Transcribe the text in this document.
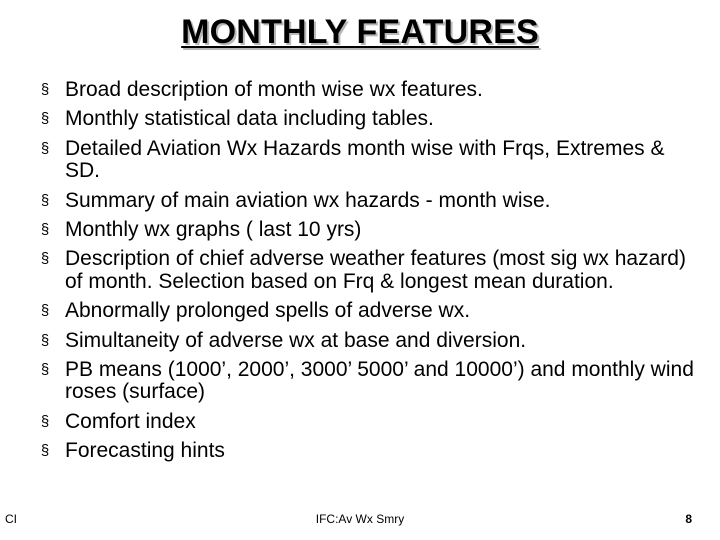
MONTHLY FEATURES
§ Broad description of month wise wx features.
§ Monthly statistical data including tables.
§ Detailed Aviation Wx Hazards month wise with Frqs, Extremes & SD.
§ Summary of main aviation wx hazards - month wise.
§ Monthly wx graphs ( last 10 yrs)
§ Description of chief adverse weather features (most sig wx hazard) of month. Selection based on Frq & longest mean duration.
§ Abnormally prolonged spells of adverse wx.
§ Simultaneity of adverse wx at base and diversion.
§ PB means (1000’, 2000’, 3000’ 5000’ and 10000’) and monthly wind roses (surface)
§ Comfort index
§ Forecasting hints
CI	IFC:Av Wx Smry	8
